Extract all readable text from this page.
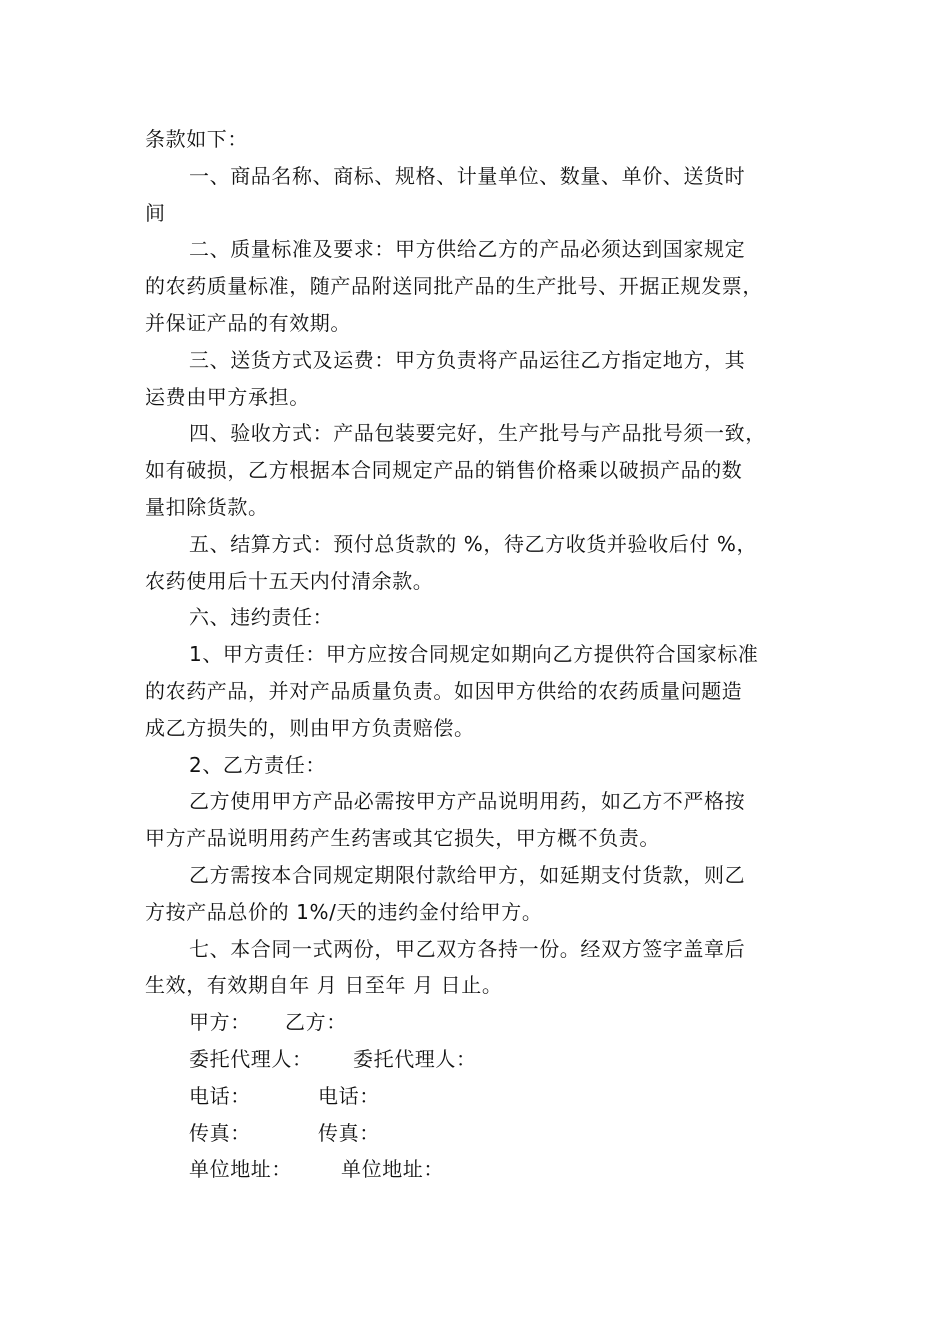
条款如下：
一、商品名称、商标、规格、计量单位、数量、单价、送货时
间
二、质量标准及要求：甲方供给乙方的产品必须达到国家规定
的农药质量标准，随产品附送同批产品的生产批号、开据正规发票，
并保证产品的有效期。
三、送货方式及运费：甲方负责将产品运往乙方指定地方，其
运费由甲方承担。
四、验收方式：产品包装要完好，生产批号与产品批号须一致，
如有破损，乙方根据本合同规定产品的销售价格乘以破损产品的数
量扣除货款。
五、结算方式：预付总货款的 %，待乙方收货并验收后付 %，
农药使用后十五天内付清余款。
六、违约责任：
1、甲方责任：甲方应按合同规定如期向乙方提供符合国家标准
的农药产品，并对产品质量负责。如因甲方供给的农药质量问题造
成乙方损失的，则由甲方负责赔偿。
2、乙方责任：
乙方使用甲方产品必需按甲方产品说明用药，如乙方不严格按
甲方产品说明用药产生药害或其它损失，甲方概不负责。
乙方需按本合同规定期限付款给甲方，如延期支付货款，则乙
方按产品总价的 1%/天的违约金付给甲方。
七、本合同一式两份，甲乙双方各持一份。经双方签字盖章后
生效，有效期自年 月 日至年 月 日止。
甲方：	乙方：
委托代理人：	委托代理人：
电话：	电话：
传真：	传真：
单位地址：	单位地址：
